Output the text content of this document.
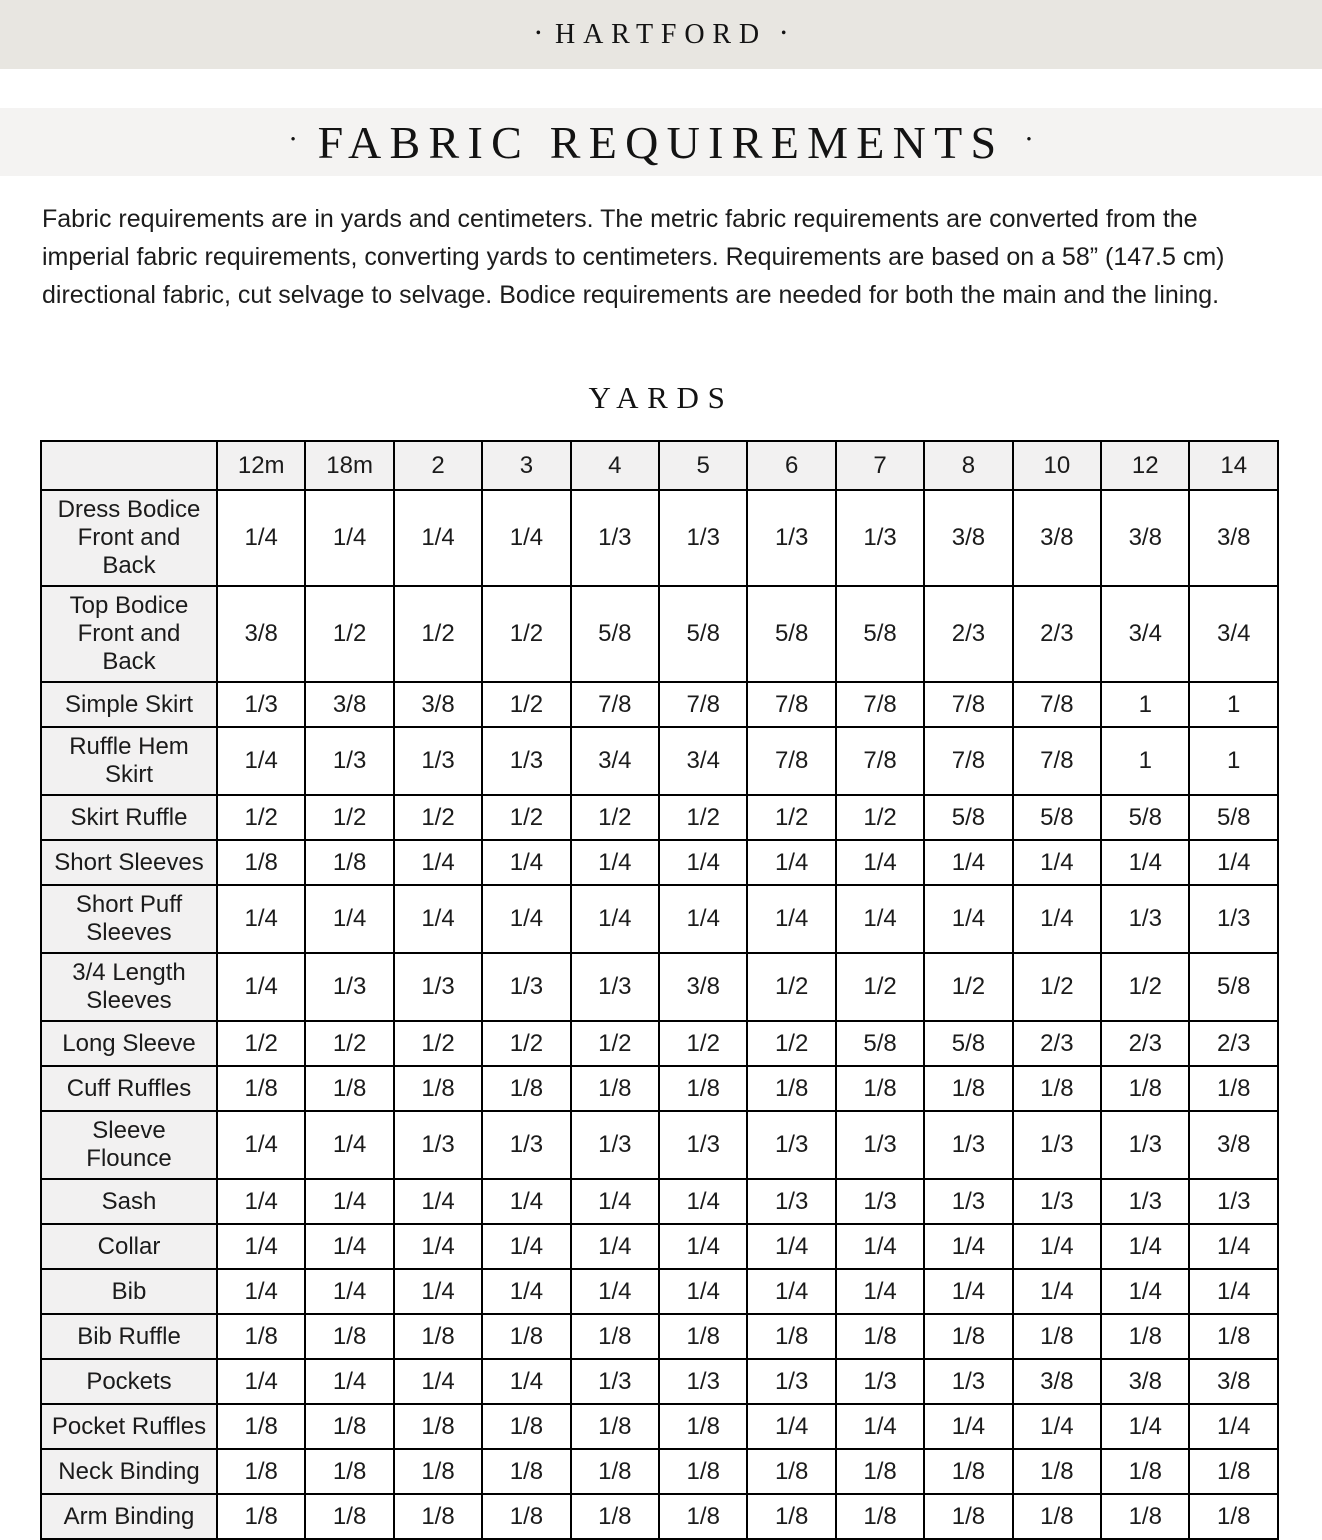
• HARTFORD •
• FABRIC REQUIREMENTS •

Fabric requirements are in yards and centimeters. The metric fabric requirements are converted from the imperial fabric requirements, converting yards to centimeters. Requirements are based on a 58” (147.5 cm) directional fabric, cut selvage to selvage. Bodice requirements are needed for both the main and the lining.

YARDS
	12m	18m	2	3	4	5	6	7	8	10	12	14
Dress Bodice Front and Back	1/4	1/4	1/4	1/4	1/3	1/3	1/3	1/3	3/8	3/8	3/8	3/8
Top Bodice Front and Back	3/8	1/2	1/2	1/2	5/8	5/8	5/8	5/8	2/3	2/3	3/4	3/4
Simple Skirt	1/3	3/8	3/8	1/2	7/8	7/8	7/8	7/8	7/8	7/8	1	1
Ruffle Hem Skirt	1/4	1/3	1/3	1/3	3/4	3/4	7/8	7/8	7/8	7/8	1	1
Skirt Ruffle	1/2	1/2	1/2	1/2	1/2	1/2	1/2	1/2	5/8	5/8	5/8	5/8
Short Sleeves	1/8	1/8	1/4	1/4	1/4	1/4	1/4	1/4	1/4	1/4	1/4	1/4
Short Puff Sleeves	1/4	1/4	1/4	1/4	1/4	1/4	1/4	1/4	1/4	1/4	1/3	1/3
3/4 Length Sleeves	1/4	1/3	1/3	1/3	1/3	3/8	1/2	1/2	1/2	1/2	1/2	5/8
Long Sleeve	1/2	1/2	1/2	1/2	1/2	1/2	1/2	5/8	5/8	2/3	2/3	2/3
Cuff Ruffles	1/8	1/8	1/8	1/8	1/8	1/8	1/8	1/8	1/8	1/8	1/8	1/8
Sleeve Flounce	1/4	1/4	1/3	1/3	1/3	1/3	1/3	1/3	1/3	1/3	1/3	3/8
Sash	1/4	1/4	1/4	1/4	1/4	1/4	1/3	1/3	1/3	1/3	1/3	1/3
Collar	1/4	1/4	1/4	1/4	1/4	1/4	1/4	1/4	1/4	1/4	1/4	1/4
Bib	1/4	1/4	1/4	1/4	1/4	1/4	1/4	1/4	1/4	1/4	1/4	1/4
Bib Ruffle	1/8	1/8	1/8	1/8	1/8	1/8	1/8	1/8	1/8	1/8	1/8	1/8
Pockets	1/4	1/4	1/4	1/4	1/3	1/3	1/3	1/3	1/3	3/8	3/8	3/8
Pocket Ruffles	1/8	1/8	1/8	1/8	1/8	1/8	1/4	1/4	1/4	1/4	1/4	1/4
Neck Binding	1/8	1/8	1/8	1/8	1/8	1/8	1/8	1/8	1/8	1/8	1/8	1/8
Arm Binding	1/8	1/8	1/8	1/8	1/8	1/8	1/8	1/8	1/8	1/8	1/8	1/8
